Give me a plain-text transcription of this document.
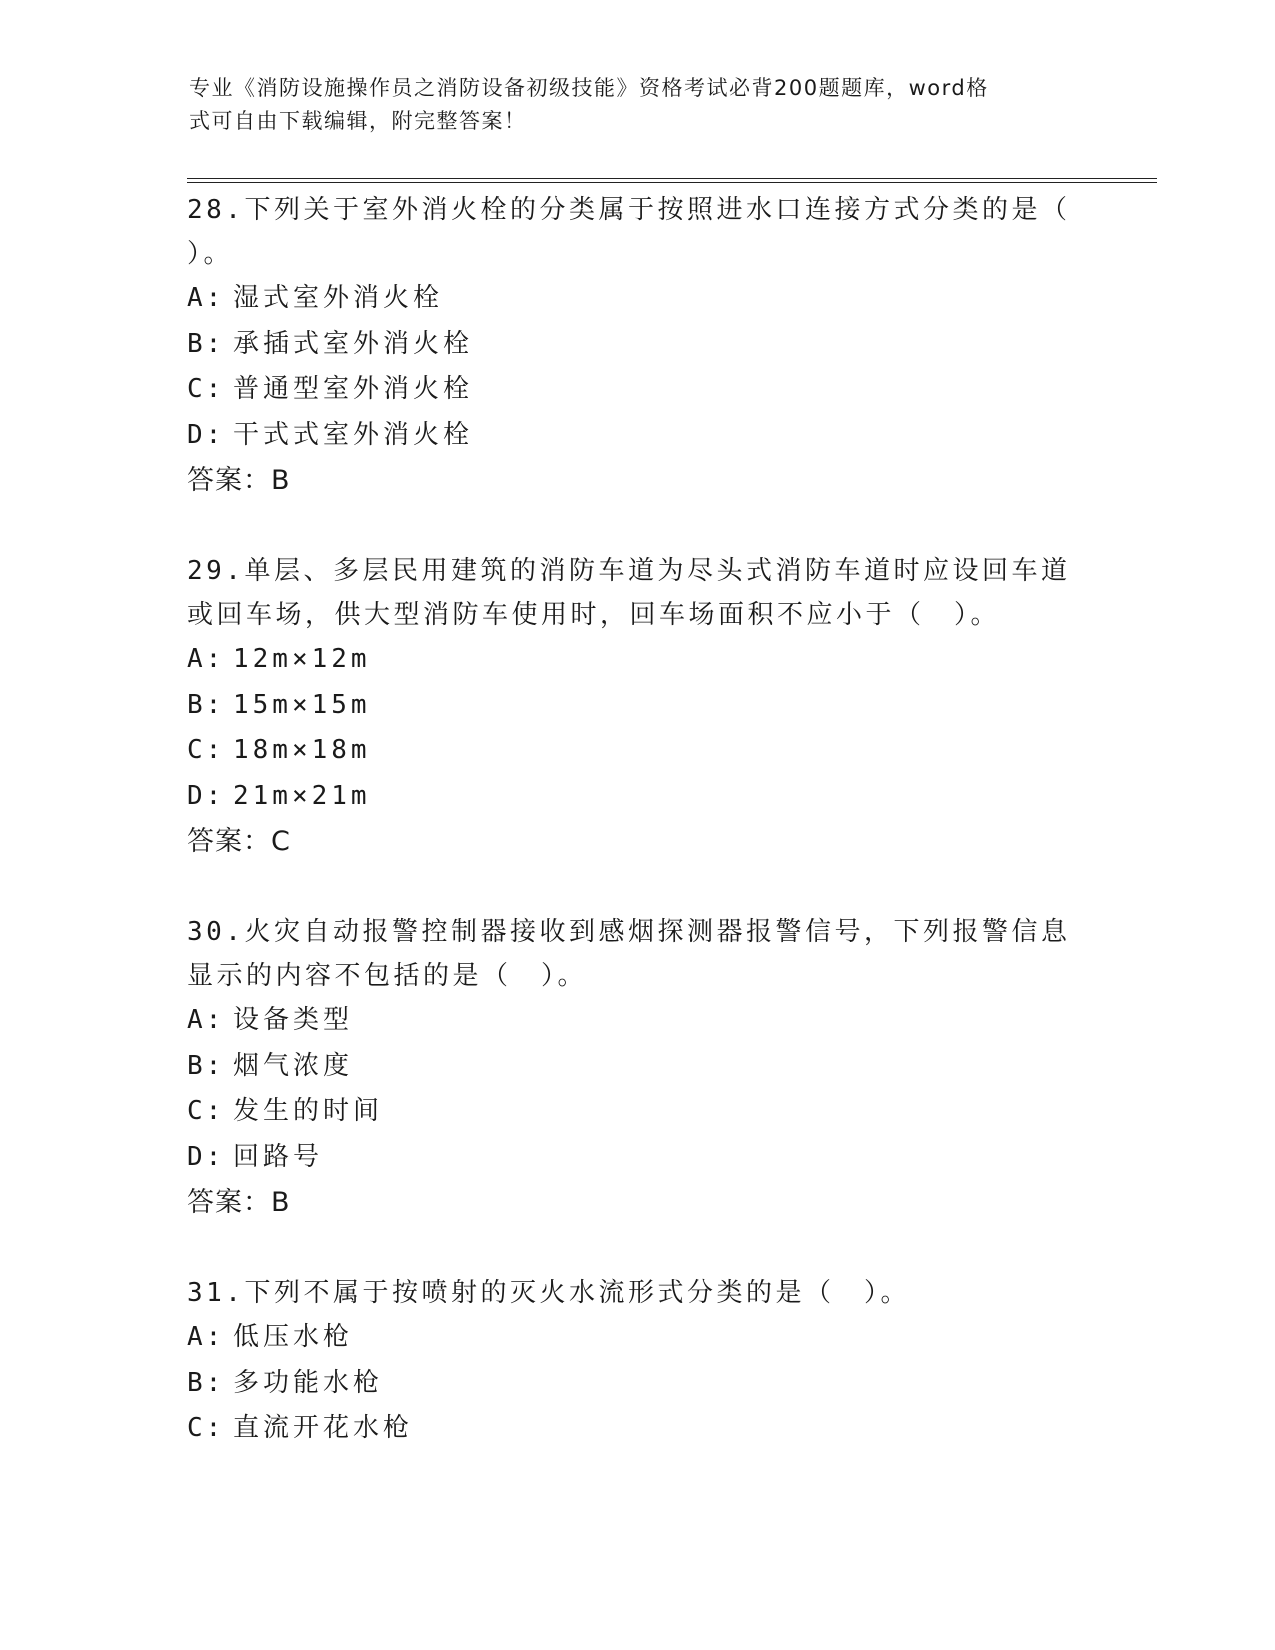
专业《消防设施操作员之消防设备初级技能》资格考试必背200题题库，word格
式可自由下载编辑，附完整答案！

28.下列关于室外消火栓的分类属于按照进水口连接方式分类的是（ ）。

A: 湿式室外消火栓
B: 承插式室外消火栓
C: 普通型室外消火栓
D: 干式式室外消火栓
答案：B

29.单层、多层民用建筑的消防车道为尽头式消防车道时应设回车道或回车场，供大型消防车使用时，回车场面积不应小于（　）。

A: 12m×12m
B: 15m×15m
C: 18m×18m
D: 21m×21m
答案：C

30.火灾自动报警控制器接收到感烟探测器报警信号，下列报警信息显示的内容不包括的是（　）。

A: 设备类型
B: 烟气浓度
C: 发生的时间
D: 回路号
答案：B

31.下列不属于按喷射的灭火水流形式分类的是（　）。

A: 低压水枪
B: 多功能水枪
C: 直流开花水枪
